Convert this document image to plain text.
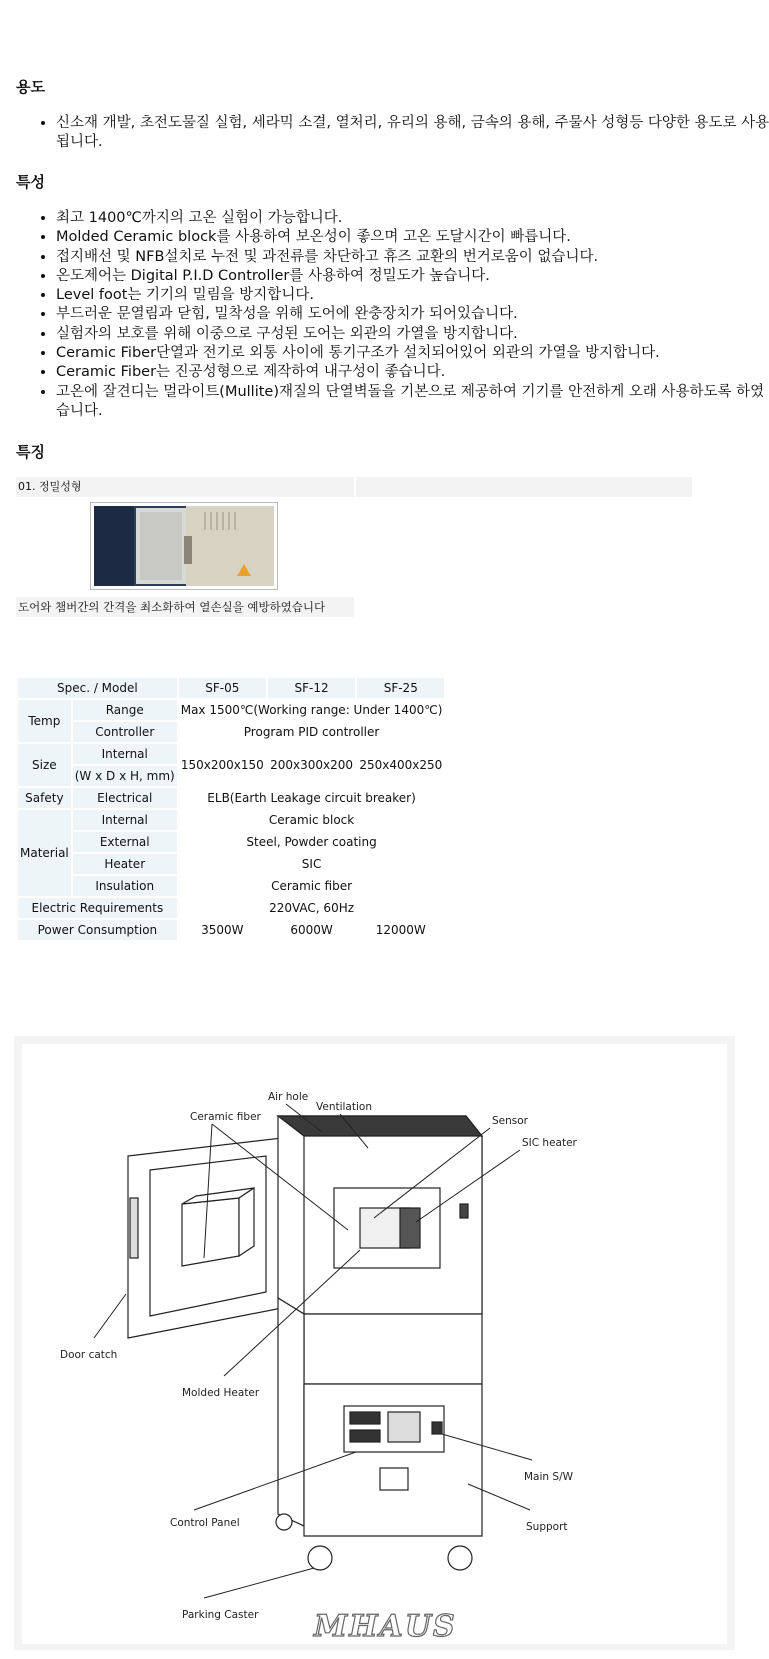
용도
• 신소재 개발, 초전도물질 실험, 세라믹 소결, 열처리, 유리의 용해, 금속의 용해, 주물사 성형등 다양한 용도로 사용됩니다.
특성
• 최고 1400℃까지의 고온 실험이 가능합니다.
• Molded Ceramic block를 사용하여 보온성이 좋으며 고온 도달시간이 빠릅니다.
• 접지배선 및 NFB설치로 누전 및 과전류를 차단하고 휴즈 교환의 번거로움이 없습니다.
• 온도제어는 Digital P.I.D Controller를 사용하여 정밀도가 높습니다.
• Level foot는 기기의 밀림을 방지합니다.
• 부드러운 문열림과 닫힘, 밀착성을 위해 도어에 완충장치가 되어있습니다.
• 실험자의 보호를 위해 이중으로 구성된 도어는 외관의 가열을 방지합니다.
• Ceramic Fiber단열과 전기로 외통 사이에 통기구조가 설치되어있어 외관의 가열을 방지합니다.
• Ceramic Fiber는 진공성형으로 제작하여 내구성이 좋습니다.
• 고온에 잘견디는 멀라이트(Mullite)재질의 단열벽돌을 기본으로 제공하여 기기를 안전하게 오래 사용하도록 하였습니다.
특징
01. 정밀성형
도어와 챔버간의 간격을 최소화하여 열손실을 예방하였습니다
Spec. / Model		SF-05	SF-12	SF-25
Temp	Range	Max 1500℃(Working range: Under 1400℃)		
	Controller	Program PID controller		
Size	Internal	150x200x150	200x300x200	250x400x250
	(W x D x H, mm)			
Safety	Electrical	ELB(Earth Leakage circuit breaker)		
Material	Internal	Ceramic block		
	External	Steel, Powder coating		
	Heater	SIC		
	Insulation	Ceramic fiber		
Electric Requirements		220VAC, 60Hz		
Power Consumption		3500W	6000W	12000W
Air hole
Ventilation
Ceramic fiber	Sensor
SIC heater
Door catch
Molded Heater
Main S/W
Control Panel	Support
Parking Caster MHAUS
